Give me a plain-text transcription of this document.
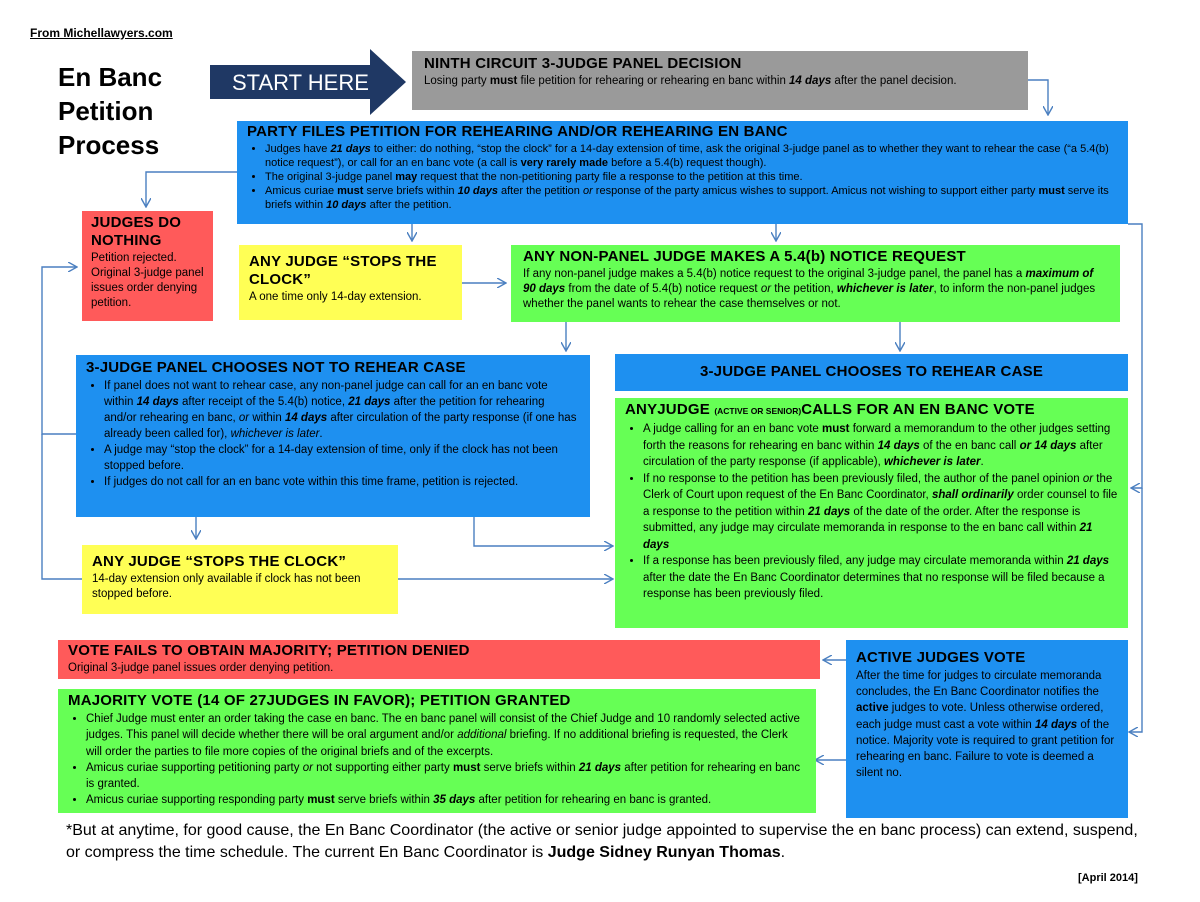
From Michellawyers.com
En Banc
Petition
Process
START HERE
NINTH CIRCUIT 3-JUDGE PANEL DECISION

Losing party must file petition for rehearing or rehearing en banc within 14 days after the panel decision.

PARTY FILES PETITION FOR REHEARING AND/OR REHEARING EN BANC
• Judges have 21 days to either: do nothing, “stop the clock” for a 14-day extension of time, ask the original 3-judge panel as to whether they want to rehear the case (“a 5.4(b) notice request”), or call for an en banc vote (a call is very rarely made before a 5.4(b) request though).
• The original 3-judge panel may request that the non-petitioning party file a response to the petition at this time.
• Amicus curiae must serve briefs within 10 days after the petition or response of the party amicus wishes to support. Amicus not wishing to support either party must serve its briefs within 10 days after the petition.
JUDGES DO NOTHING

Petition rejected. Original 3-judge panel issues order denying petition.

ANY JUDGE “STOPS THE CLOCK”

A one time only 14-day extension.

ANY NON-PANEL JUDGE MAKES A 5.4(b) NOTICE REQUEST

If any non-panel judge makes a 5.4(b) notice request to the original 3-judge panel, the panel has a maximum of 90 days from the date of 5.4(b) notice request or the petition, whichever is later, to inform the non-panel judges whether the panel wants to rehear the case themselves or not.

3-JUDGE PANEL CHOOSES NOT TO REHEAR CASE
• If panel does not want to rehear case, any non-panel judge can call for an en banc vote within 14 days after receipt of the 5.4(b) notice, 21 days after the petition for rehearing and/or rehearing en banc, or within 14 days after circulation of the party response (if one has already been called for), whichever is later.
• A judge may “stop the clock” for a 14-day extension of time, only if the clock has not been stopped before.
• If judges do not call for an en banc vote within this time frame, petition is rejected.
3-JUDGE PANEL CHOOSES TO REHEAR CASE
ANYJUDGE (ACTIVE OR SENIOR)CALLS FOR AN EN BANC VOTE
• A judge calling for an en banc vote must forward a memorandum to the other judges setting forth the reasons for rehearing en banc within 14 days of the en banc call or 14 days after circulation of the party response (if applicable), whichever is later.
• If no response to the petition has been previously filed, the author of the panel opinion or the Clerk of Court upon request of the En Banc Coordinator, shall ordinarily order counsel to file a response to the petition within 21 days of the date of the order. After the response is submitted, any judge may circulate memoranda in response to the en banc call within 21 days
• If a response has been previously filed, any judge may circulate memoranda within 21 days after the date the En Banc Coordinator determines that no response will be filed because a response has been previously filed.
ANY JUDGE “STOPS THE CLOCK”

14-day extension only available if clock has not been stopped before.

VOTE FAILS TO OBTAIN MAJORITY; PETITION DENIED

Original 3-judge panel issues order denying petition.

ACTIVE JUDGES VOTE

After the time for judges to circulate memoranda concludes, the En Banc Coordinator notifies the active judges to vote. Unless otherwise ordered, each judge must cast a vote within 14 days of the notice. Majority vote is required to grant petition for rehearing en banc. Failure to vote is deemed a silent no.

MAJORITY VOTE (14 OF 27JUDGES IN FAVOR); PETITION GRANTED
• Chief Judge must enter an order taking the case en banc. The en banc panel will consist of the Chief Judge and 10 randomly selected active judges. This panel will decide whether there will be oral argument and/or additional briefing. If no additional briefing is requested, the Clerk will order the parties to file more copies of the original briefs and of the excerpts.
• Amicus curiae supporting petitioning party or not supporting either party must serve briefs within 21 days after petition for rehearing en banc is granted.
• Amicus curiae supporting responding party must serve briefs within 35 days after petition for rehearing en banc is granted.
*But at anytime, for good cause, the En Banc Coordinator (the active or senior judge appointed to supervise the en banc process) can extend, suspend, or compress the time schedule. The current En Banc Coordinator is Judge Sidney Runyan Thomas.
[April 2014]
